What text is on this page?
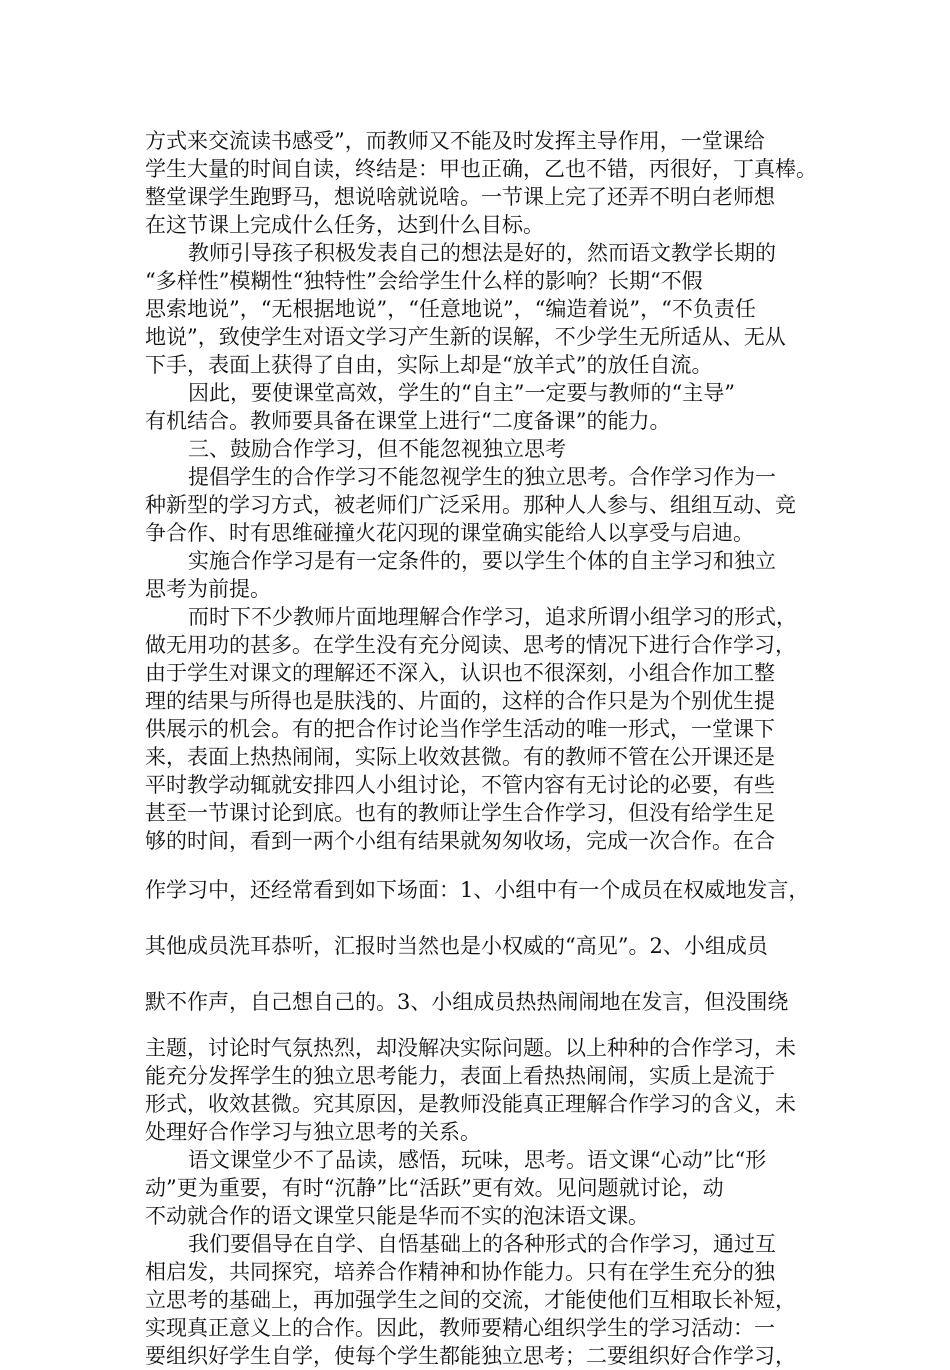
方式来交流读书感受”，而教师又不能及时发挥主导作用，一堂课给
学生大量的时间自读，终结是：甲也正确，乙也不错，丙很好，丁真棒。
整堂课学生跑野马，想说啥就说啥。一节课上完了还弄不明白老师想
在这节课上完成什么任务，达到什么目标。
教师引导孩子积极发表自己的想法是好的，然而语文教学长期的
“多样性”模糊性“独特性”会给学生什么样的影响？长期“不假
思索地说”，“无根据地说”，“任意地说”，“编造着说”，“不负责任
地说”，致使学生对语文学习产生新的误解，不少学生无所适从、无从
下手，表面上获得了自由，实际上却是“放羊式”的放任自流。
因此，要使课堂高效，学生的“自主”一定要与教师的“主导”
有机结合。教师要具备在课堂上进行“二度备课”的能力。
三、鼓励合作学习，但不能忽视独立思考
提倡学生的合作学习不能忽视学生的独立思考。合作学习作为一
种新型的学习方式，被老师们广泛采用。那种人人参与、组组互动、竞
争合作、时有思维碰撞火花闪现的课堂确实能给人以享受与启迪。
实施合作学习是有一定条件的，要以学生个体的自主学习和独立
思考为前提。
而时下不少教师片面地理解合作学习，追求所谓小组学习的形式，
做无用功的甚多。在学生没有充分阅读、思考的情况下进行合作学习，
由于学生对课文的理解还不深入，认识也不很深刻，小组合作加工整
理的结果与所得也是肤浅的、片面的，这样的合作只是为个别优生提
供展示的机会。有的把合作讨论当作学生活动的唯一形式，一堂课下
来，表面上热热闹闹，实际上收效甚微。有的教师不管在公开课还是
平时教学动辄就安排四人小组讨论，不管内容有无讨论的必要，有些
甚至一节课讨论到底。也有的教师让学生合作学习，但没有给学生足
够的时间，看到一两个小组有结果就匆匆收场，完成一次合作。在合
作学习中，还经常看到如下场面：1、小组中有一个成员在权威地发言，
其他成员洗耳恭听，汇报时当然也是小权威的“高见”。2、小组成员
默不作声，自己想自己的。3、小组成员热热闹闹地在发言，但没围绕
主题，讨论时气氛热烈，却没解决实际问题。以上种种的合作学习，未
能充分发挥学生的独立思考能力，表面上看热热闹闹，实质上是流于
形式，收效甚微。究其原因，是教师没能真正理解合作学习的含义，未
处理好合作学习与独立思考的关系。
语文课堂少不了品读，感悟，玩味，思考。语文课“心动”比“形
动”更为重要，有时“沉静”比“活跃”更有效。见问题就讨论，动
不动就合作的语文课堂只能是华而不实的泡沫语文课。
我们要倡导在自学、自悟基础上的各种形式的合作学习，通过互
相启发，共同探究，培养合作精神和协作能力。只有在学生充分的独
立思考的基础上，再加强学生之间的交流，才能使他们互相取长补短，
实现真正意义上的合作。因此，教师要精心组织学生的学习活动：一
要组织好学生自学，使每个学生都能独立思考；二要组织好合作学习，
